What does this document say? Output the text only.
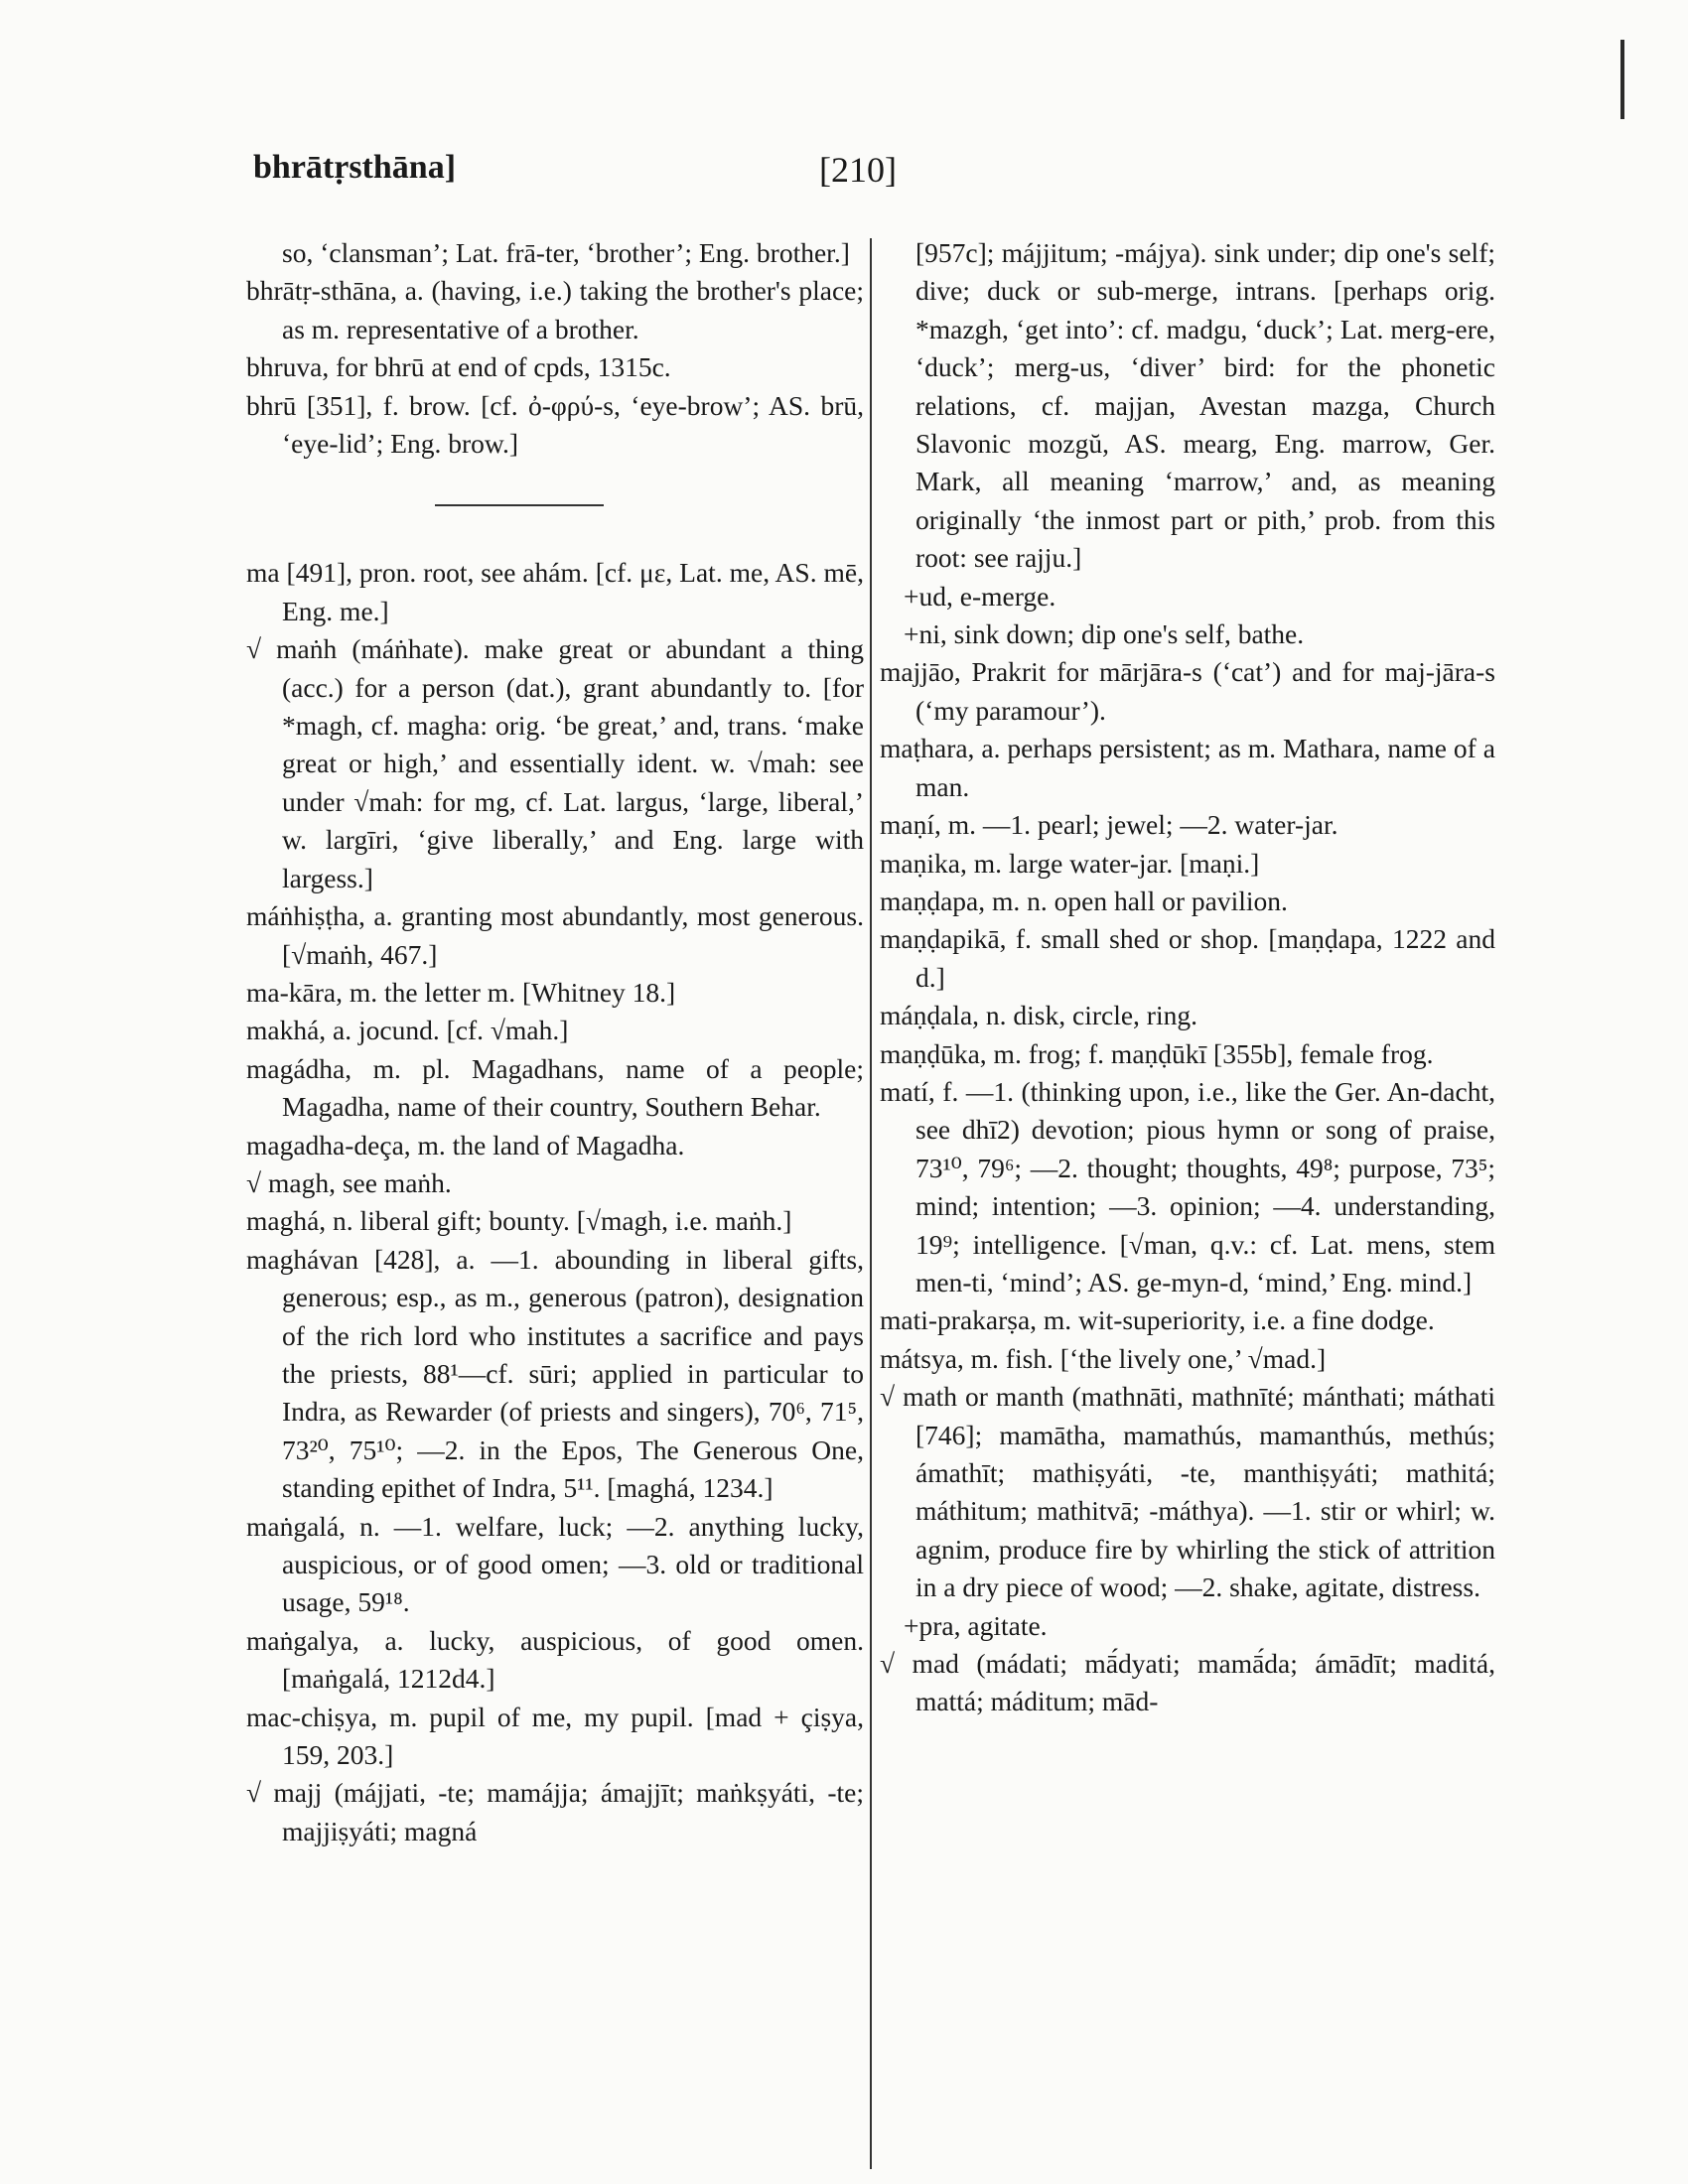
bhrātṛsthāna]	[210]

so, ‘clansman’; Lat. frā-ter, ‘brother’; Eng. brother.]

bhrātṛ-sthāna, a. (having, i.e.) taking the brother's place; as m. representative of a brother.

bhruva, for bhrū at end of cpds, 1315c.

bhrū [351], f. brow. [cf. ὀ-φρύ-s, ‘eye-brow’; AS. brū, ‘eye-lid’; Eng. brow.]

ma [491], pron. root, see ahám. [cf. με, Lat. me, AS. mē, Eng. me.]

√ maṅh (máṅhate). make great or abundant a thing (acc.) for a person (dat.), grant abundantly to. [for *magh, cf. magha: orig. ‘be great,’ and, trans. ‘make great or high,’ and essentially ident. w. √mah: see under √mah: for mg, cf. Lat. largus, ‘large, liberal,’ w. largīri, ‘give liberally,’ and Eng. large with largess.]

máṅhiṣṭha, a. granting most abundantly, most generous. [√maṅh, 467.]

ma-kāra, m. the letter m. [Whitney 18.]

makhá, a. jocund. [cf. √mah.]

magádha, m. pl. Magadhans, name of a people; Magadha, name of their country, Southern Behar.

magadha-deça, m. the land of Magadha.

√ magh, see maṅh.

maghá, n. liberal gift; bounty. [√magh, i.e. maṅh.]

maghávan [428], a. —1. abounding in liberal gifts, generous; esp., as m., generous (patron), designation of the rich lord who institutes a sacrifice and pays the priests, 88¹—cf. sūri; applied in particular to Indra, as Rewarder (of priests and singers), 70⁶, 71⁵, 73²⁰, 75¹⁰; —2. in the Epos, The Generous One, standing epithet of Indra, 5¹¹. [maghá, 1234.]

maṅgalá, n. —1. welfare, luck; —2. anything lucky, auspicious, or of good omen; —3. old or traditional usage, 59¹⁸.

maṅgalya, a. lucky, auspicious, of good omen. [maṅgalá, 1212d4.]

mac-chiṣya, m. pupil of me, my pupil. [mad + çiṣya, 159, 203.]

√ majj (májjati, -te; mamájja; ámajjīt; maṅkṣyáti, -te; majjiṣyáti; magná

[957c]; májjitum; -májya). sink under; dip one's self; dive; duck or sub-merge, intrans. [perhaps orig. *mazgh, ‘get into’: cf. madgu, ‘duck’; Lat. merg-ere, ‘duck’; merg-us, ‘diver’ bird: for the phonetic relations, cf. majjan, Avestan mazga, Church Slavonic mozgŭ, AS. mearg, Eng. marrow, Ger. Mark, all meaning ‘marrow,’ and, as meaning originally ‘the inmost part or pith,’ prob. from this root: see rajju.]

+ud, e-merge.

+ni, sink down; dip one's self, bathe.

majjāo, Prakrit for mārjāra-s (‘cat’) and for maj-jāra-s (‘my paramour’).

maṭhara, a. perhaps persistent; as m. Mathara, name of a man.

maṇí, m. —1. pearl; jewel; —2. water-jar.

maṇika, m. large water-jar. [maṇi.]

maṇḍapa, m. n. open hall or pavilion.

maṇḍapikā, f. small shed or shop. [maṇḍapa, 1222 and d.]

máṇḍala, n. disk, circle, ring.

maṇḍūka, m. frog; f. maṇḍūkī [355b], female frog.

matí, f. —1. (thinking upon, i.e., like the Ger. An-dacht, see dhī2) devotion; pious hymn or song of praise, 73¹⁰, 79⁶; —2. thought; thoughts, 49⁸; purpose, 73⁵; mind; intention; —3. opinion; —4. understanding, 19⁹; intelligence. [√man, q.v.: cf. Lat. mens, stem men-ti, ‘mind’; AS. ge-myn-d, ‘mind,’ Eng. mind.]

mati-prakarṣa, m. wit-superiority, i.e. a fine dodge.

mátsya, m. fish. [‘the lively one,’ √mad.]

√ math or manth (mathnāti, mathnīté; mánthati; máthati [746]; mamātha, mamathús, mamanthús, methús; ámathīt; mathiṣyáti, -te, manthiṣyáti; mathitá; máthitum; mathitvā; -máthya). —1. stir or whirl; w. agnim, produce fire by whirling the stick of attrition in a dry piece of wood; —2. shake, agitate, distress.

+pra, agitate.

√ mad (mádati; mā́dyati; mamā́da; ámādīt; maditá, mattá; máditum; mād-
